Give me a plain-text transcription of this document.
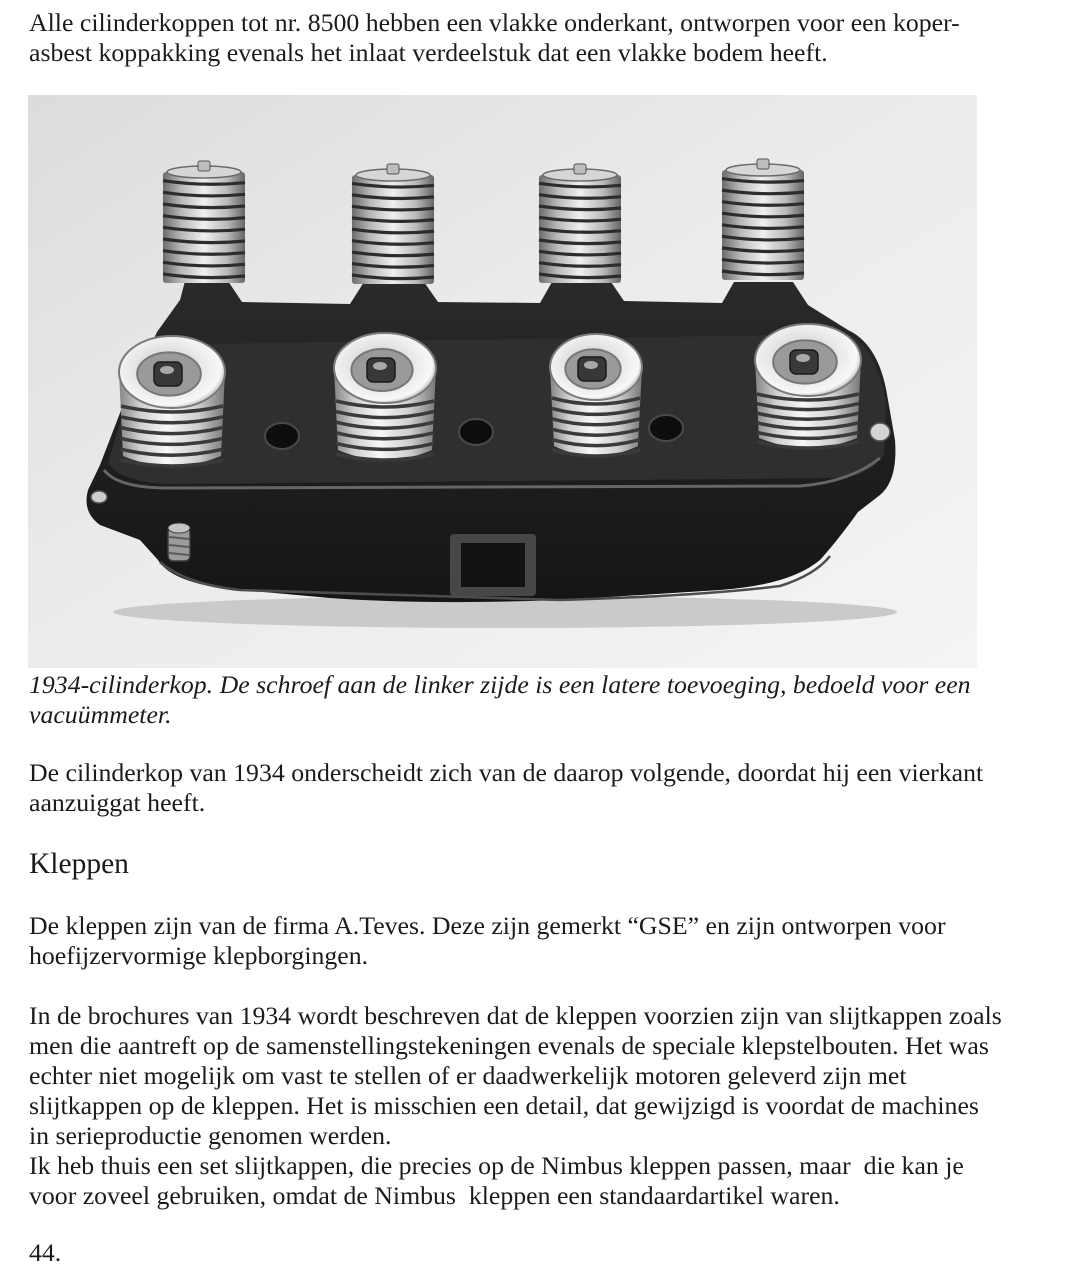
Alle cilinderkoppen tot nr. 8500 hebben een vlakke onderkant, ontworpen voor een koper-
asbest koppakking evenals het inlaat verdeelstuk dat een vlakke bodem heeft.
1934-cilinderkop. De schroef aan de linker zijde is een latere toevoeging, bedoeld voor een
vacuümmeter.
De cilinderkop van 1934 onderscheidt zich van de daarop volgende, doordat hij een vierkant
aanzuiggat heeft.
Kleppen
De kleppen zijn van de firma A.Teves. Deze zijn gemerkt “GSE” en zijn ontworpen voor
hoefijzervormige klepborgingen.
In de brochures van 1934 wordt beschreven dat de kleppen voorzien zijn van slijtkappen zoals
men die aantreft op de samenstellingstekeningen evenals de speciale klepstelbouten. Het was
echter niet mogelijk om vast te stellen of er daadwerkelijk motoren geleverd zijn met
slijtkappen op de kleppen. Het is misschien een detail, dat gewijzigd is voordat de machines
in serieproductie genomen werden.
Ik heb thuis een set slijtkappen, die precies op de Nimbus kleppen passen, maar  die kan je
voor zoveel gebruiken, omdat de Nimbus  kleppen een standaardartikel waren.
44.
